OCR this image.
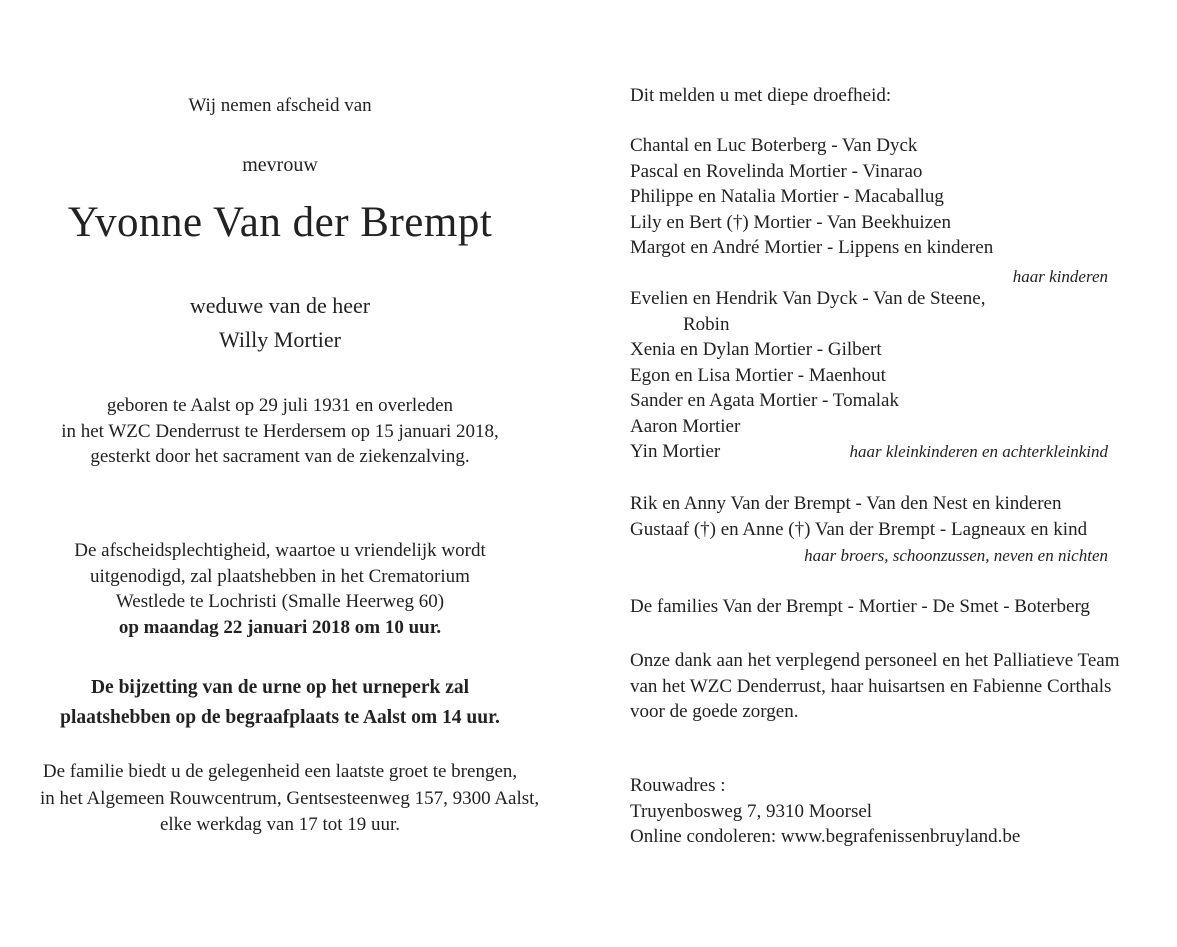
Wij nemen afscheid van
mevrouw
Yvonne Van der Brempt
weduwe van de heer
Willy Mortier
geboren te Aalst op 29 juli 1931 en overleden
in het WZC Denderrust te Herdersem op 15 januari 2018,
gesterkt door het sacrament van de ziekenzalving.
De afscheidsplechtigheid, waartoe u vriendelijk wordt
uitgenodigd, zal plaatshebben in het Crematorium
Westlede te Lochristi (Smalle Heerweg 60)
op maandag 22 januari 2018 om 10 uur.
De bijzetting van de urne op het urneperk zal
plaatshebben op de begraafplaats te Aalst om 14 uur.
De familie biedt u de gelegenheid een laatste groet te brengen,
in het Algemeen Rouwcentrum, Gentsesteenweg 157, 9300 Aalst,
elke werkdag van 17 tot 19 uur.
Dit melden u met diepe droefheid:
Chantal en Luc Boterberg - Van Dyck
Pascal en Rovelinda Mortier - Vinarao
Philippe en Natalia Mortier - Macaballug
Lily en Bert (†) Mortier - Van Beekhuizen
Margot en André Mortier - Lippens en kinderen
haar kinderen
Evelien en Hendrik Van Dyck - Van de Steene,
Robin
Xenia en Dylan Mortier - Gilbert
Egon en Lisa Mortier - Maenhout
Sander en Agata Mortier - Tomalak
Aaron Mortier
Yin Mortier	haar kleinkinderen en achterkleinkind
Rik en Anny Van der Brempt - Van den Nest en kinderen
Gustaaf (†) en Anne (†) Van der Brempt - Lagneaux en kind
haar broers, schoonzussen, neven en nichten
De families Van der Brempt - Mortier - De Smet - Boterberg
Onze dank aan het verplegend personeel en het Palliatieve Team
van het WZC Denderrust, haar huisartsen en Fabienne Corthals
voor de goede zorgen.
Rouwadres :
Truyenbosweg 7, 9310 Moorsel
Online condoleren: www.begrafenissenbruyland.be
